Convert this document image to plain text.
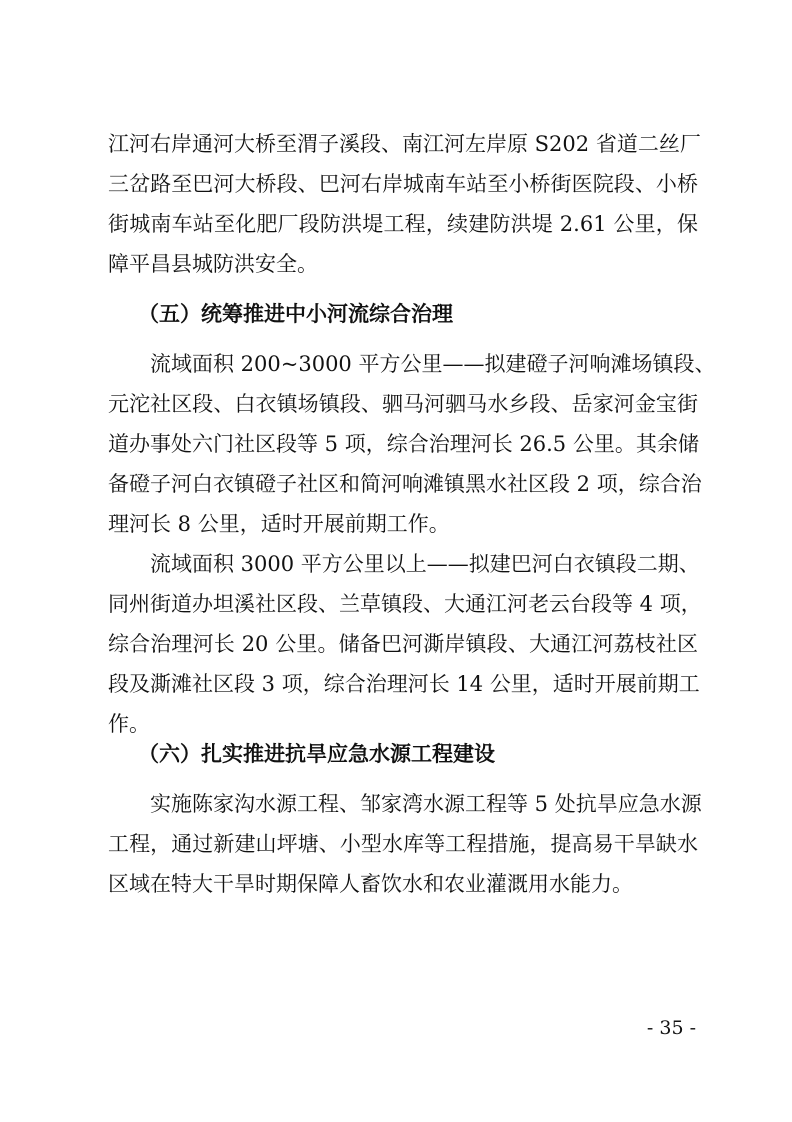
江河右岸通河大桥至渭子溪段、南江河左岸原 S202 省道二丝厂
三岔路至巴河大桥段、巴河右岸城南车站至小桥街医院段、小桥
街城南车站至化肥厂段防洪堤工程，续建防洪堤 2.61 公里，保
障平昌县城防洪安全。
（五）统筹推进中小河流综合治理
流域面积 200~3000 平方公里——拟建磴子河响滩场镇段、
元沱社区段、白衣镇场镇段、驷马河驷马水乡段、岳家河金宝街
道办事处六门社区段等 5 项，综合治理河长 26.5 公里。其余储
备磴子河白衣镇磴子社区和简河响滩镇黑水社区段 2 项，综合治
理河长 8 公里，适时开展前期工作。
流域面积 3000 平方公里以上——拟建巴河白衣镇段二期、
同州街道办坦溪社区段、兰草镇段、大通江河老云台段等 4 项，
综合治理河长 20 公里。储备巴河澌岸镇段、大通江河荔枝社区
段及澌滩社区段 3 项，综合治理河长 14 公里，适时开展前期工
作。
（六）扎实推进抗旱应急水源工程建设
实施陈家沟水源工程、邹家湾水源工程等 5 处抗旱应急水源
工程，通过新建山坪塘、小型水库等工程措施，提高易干旱缺水
区域在特大干旱时期保障人畜饮水和农业灌溉用水能力。
- 35 -
